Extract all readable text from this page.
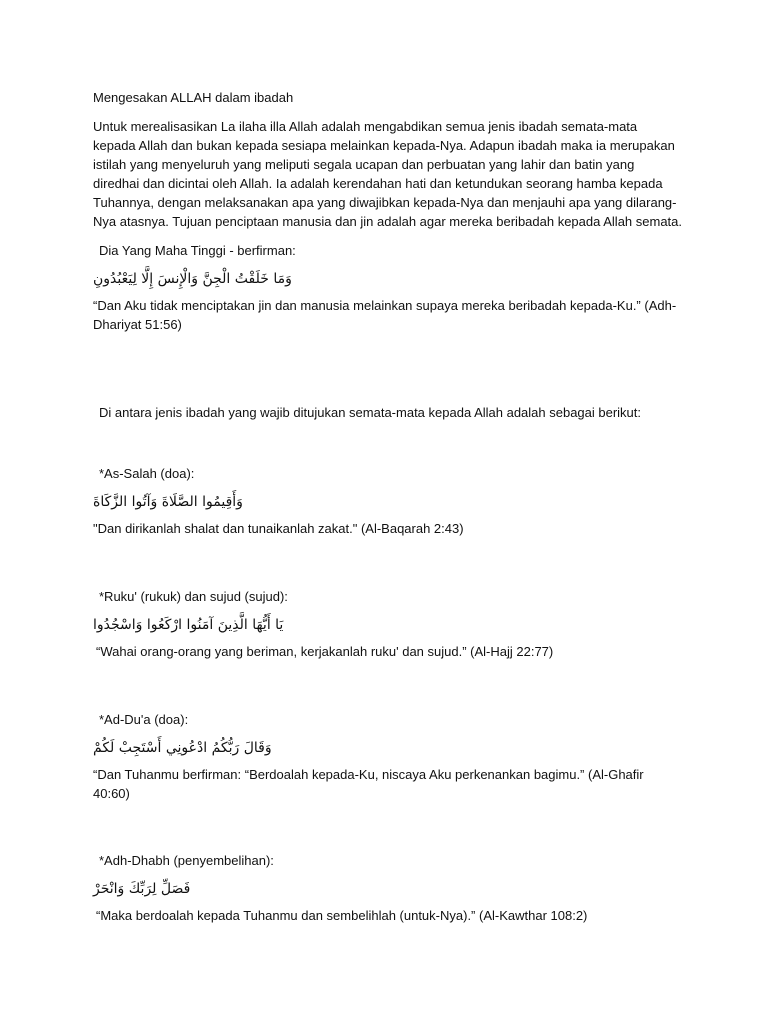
Mengesakan ALLAH dalam ibadah

Untuk merealisasikan La ilaha illa Allah adalah mengabdikan semua jenis ibadah semata-mata kepada Allah dan bukan kepada sesiapa melainkan kepada-Nya. Adapun ibadah maka ia merupakan istilah yang menyeluruh yang meliputi segala ucapan dan perbuatan yang lahir dan batin yang diredhai dan dicintai oleh Allah. Ia adalah kerendahan hati dan ketundukan seorang hamba kepada Tuhannya, dengan melaksanakan apa yang diwajibkan kepada-Nya dan menjauhi apa yang dilarang-Nya atasnya. Tujuan penciptaan manusia dan jin adalah agar mereka beribadah kepada Allah semata.

Dia Yang Maha Tinggi - berfirman:

وَمَا خَلَقْتُ الْجِنَّ وَالْإِنسَ إِلَّا لِيَعْبُدُونِ

“Dan Aku tidak menciptakan jin dan manusia melainkan supaya mereka beribadah kepada-Ku.” (Adh-Dhariyat 51:56)

Di antara jenis ibadah yang wajib ditujukan semata-mata kepada Allah adalah sebagai berikut:

*As-Salah (doa):

وَأَقِيمُوا الصَّلَاةَ وَآتُوا الزَّكَاةَ

"Dan dirikanlah shalat dan tunaikanlah zakat." (Al-Baqarah 2:43)

*Ruku' (rukuk) dan sujud (sujud):

يَا أَيُّهَا الَّذِينَ آمَنُوا ارْكَعُوا وَاسْجُدُوا

“Wahai orang-orang yang beriman, kerjakanlah ruku' dan sujud.” (Al-Hajj 22:77)

*Ad-Du'a (doa):

وَقَالَ رَبُّكُمُ ادْعُونِي أَسْتَجِبْ لَكُمْ

“Dan Tuhanmu berfirman: “Berdoalah kepada-Ku, niscaya Aku perkenankan bagimu.” (Al-Ghafir 40:60)

*Adh-Dhabh (penyembelihan):

فَصَلِّ لِرَبِّكَ وَانْحَرْ

“Maka berdoalah kepada Tuhanmu dan sembelihlah (untuk-Nya).” (Al-Kawthar 108:2)
